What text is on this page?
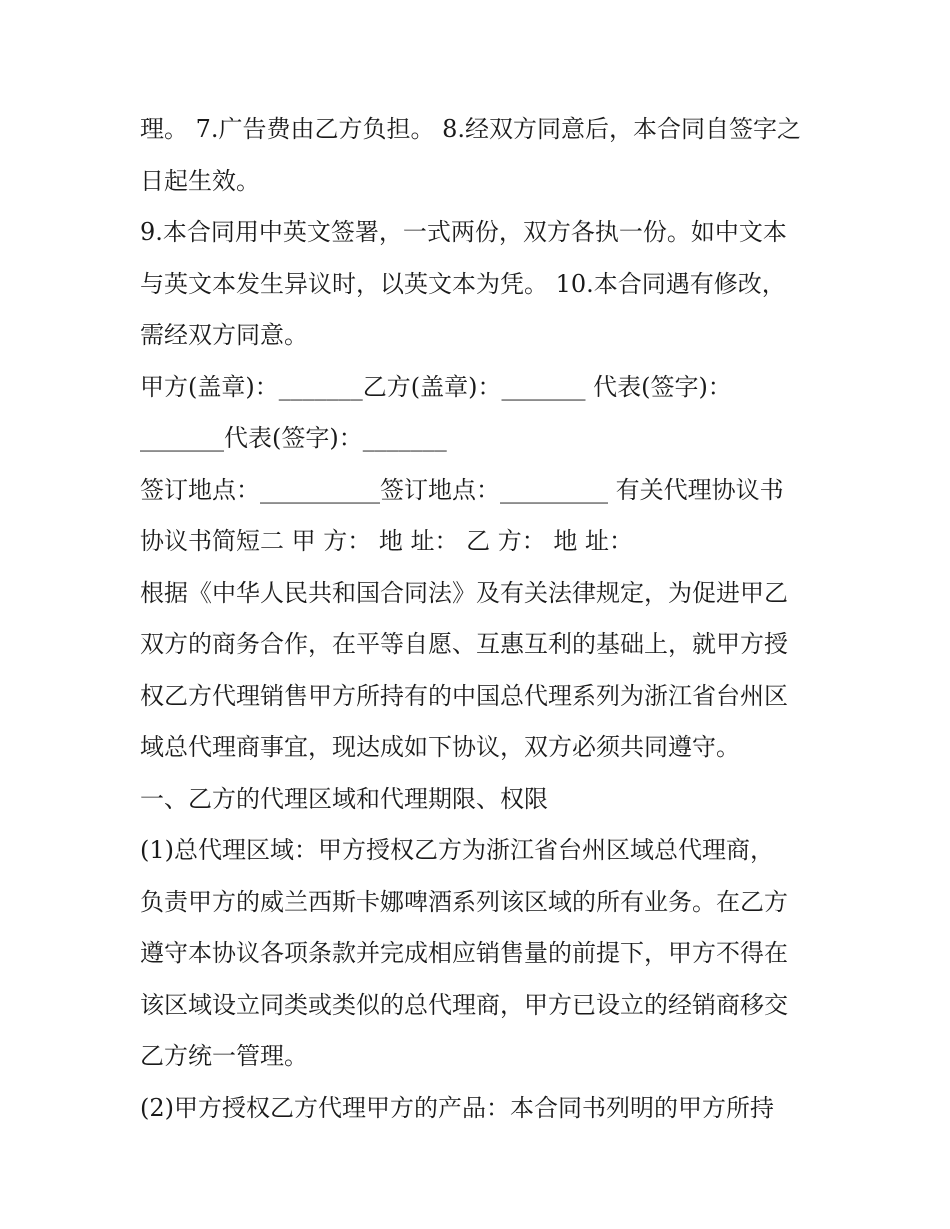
理。 7.广告费由乙方负担。 8.经双方同意后，本合同自签字之
日起生效。
9.本合同用中英文签署，一式两份，双方各执一份。如中文本
与英文本发生异议时，以英文本为凭。 10.本合同遇有修改，
需经双方同意。
甲方(盖章)：_______乙方(盖章)：_______ 代表(签字)：
_______代表(签字)：_______
签订地点：__________签订地点：_________ 有关代理协议书
协议书简短二 甲 方： 地 址： 乙 方： 地 址：
根据《中华人民共和国合同法》及有关法律规定，为促进甲乙
双方的商务合作，在平等自愿、互惠互利的基础上，就甲方授
权乙方代理销售甲方所持有的中国总代理系列为浙江省台州区
域总代理商事宜，现达成如下协议，双方必须共同遵守。
一、乙方的代理区域和代理期限、权限
(1)总代理区域：甲方授权乙方为浙江省台州区域总代理商，
负责甲方的威兰西斯卡娜啤酒系列该区域的所有业务。在乙方
遵守本协议各项条款并完成相应销售量的前提下，甲方不得在
该区域设立同类或类似的总代理商，甲方已设立的经销商移交
乙方统一管理。
(2)甲方授权乙方代理甲方的产品：本合同书列明的甲方所持
